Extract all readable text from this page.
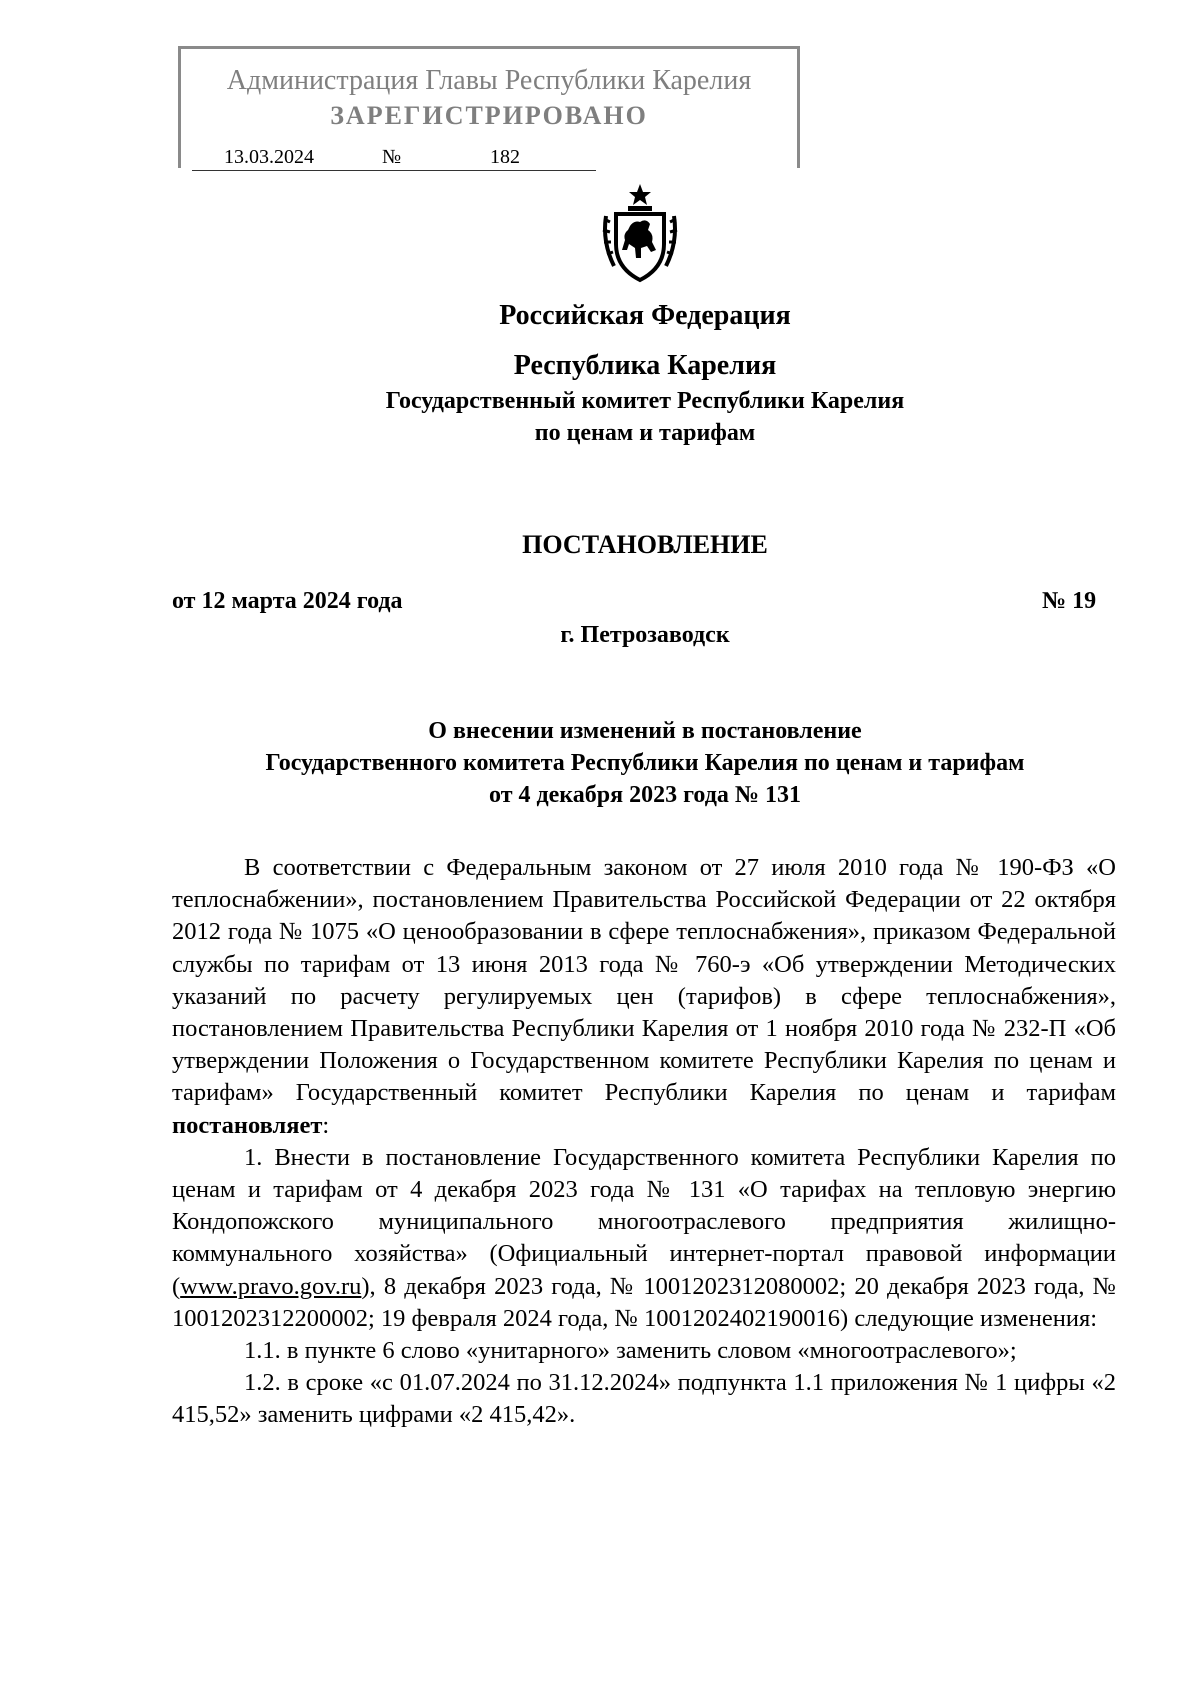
Администрация Главы Республики Карелия
ЗАРЕГИСТРИРОВАНО
13.03.2024	№	182
Российская Федерация
Республика Карелия
Государственный комитет Республики Карелия
по ценам и тарифам
ПОСТАНОВЛЕНИЕ
от 12 марта 2024 года	№ 19
г. Петрозаводск
О внесении изменений в постановление
Государственного комитета Республики Карелия по ценам и тарифам
от 4 декабря 2023 года № 131

В соответствии с Федеральным законом от 27 июля 2010 года № 190-ФЗ «О теплоснабжении», постановлением Правительства Российской Федерации от 22 октября 2012 года № 1075 «О ценообразовании в сфере теплоснабжения», приказом Федеральной службы по тарифам от 13 июня 2013 года № 760-э «Об утверждении Методических указаний по расчету регулируемых цен (тарифов) в сфере теплоснабжения», постановлением Правительства Республики Карелия от 1 ноября 2010 года № 232-П «Об утверждении Положения о Государственном комитете Республики Карелия по ценам и тарифам» Государственный комитет Республики Карелия по ценам и тарифам постановляет:

1. Внести в постановление Государственного комитета Республики Карелия по ценам и тарифам от 4 декабря 2023 года № 131 «О тарифах на тепловую энергию Кондопожского муниципального многоотраслевого предприятия жилищно-коммунального хозяйства» (Официальный интернет-портал правовой информации (www.pravo.gov.ru), 8 декабря 2023 года, № 1001202312080002; 20 декабря 2023 года, № 1001202312200002; 19 февраля 2024 года, № 1001202402190016) следующие изменения:

1.1. в пункте 6 слово «унитарного» заменить словом «многоотраслевого»;

1.2. в сроке «с 01.07.2024 по 31.12.2024» подпункта 1.1 приложения № 1 цифры «2 415,52» заменить цифрами «2 415,42».
